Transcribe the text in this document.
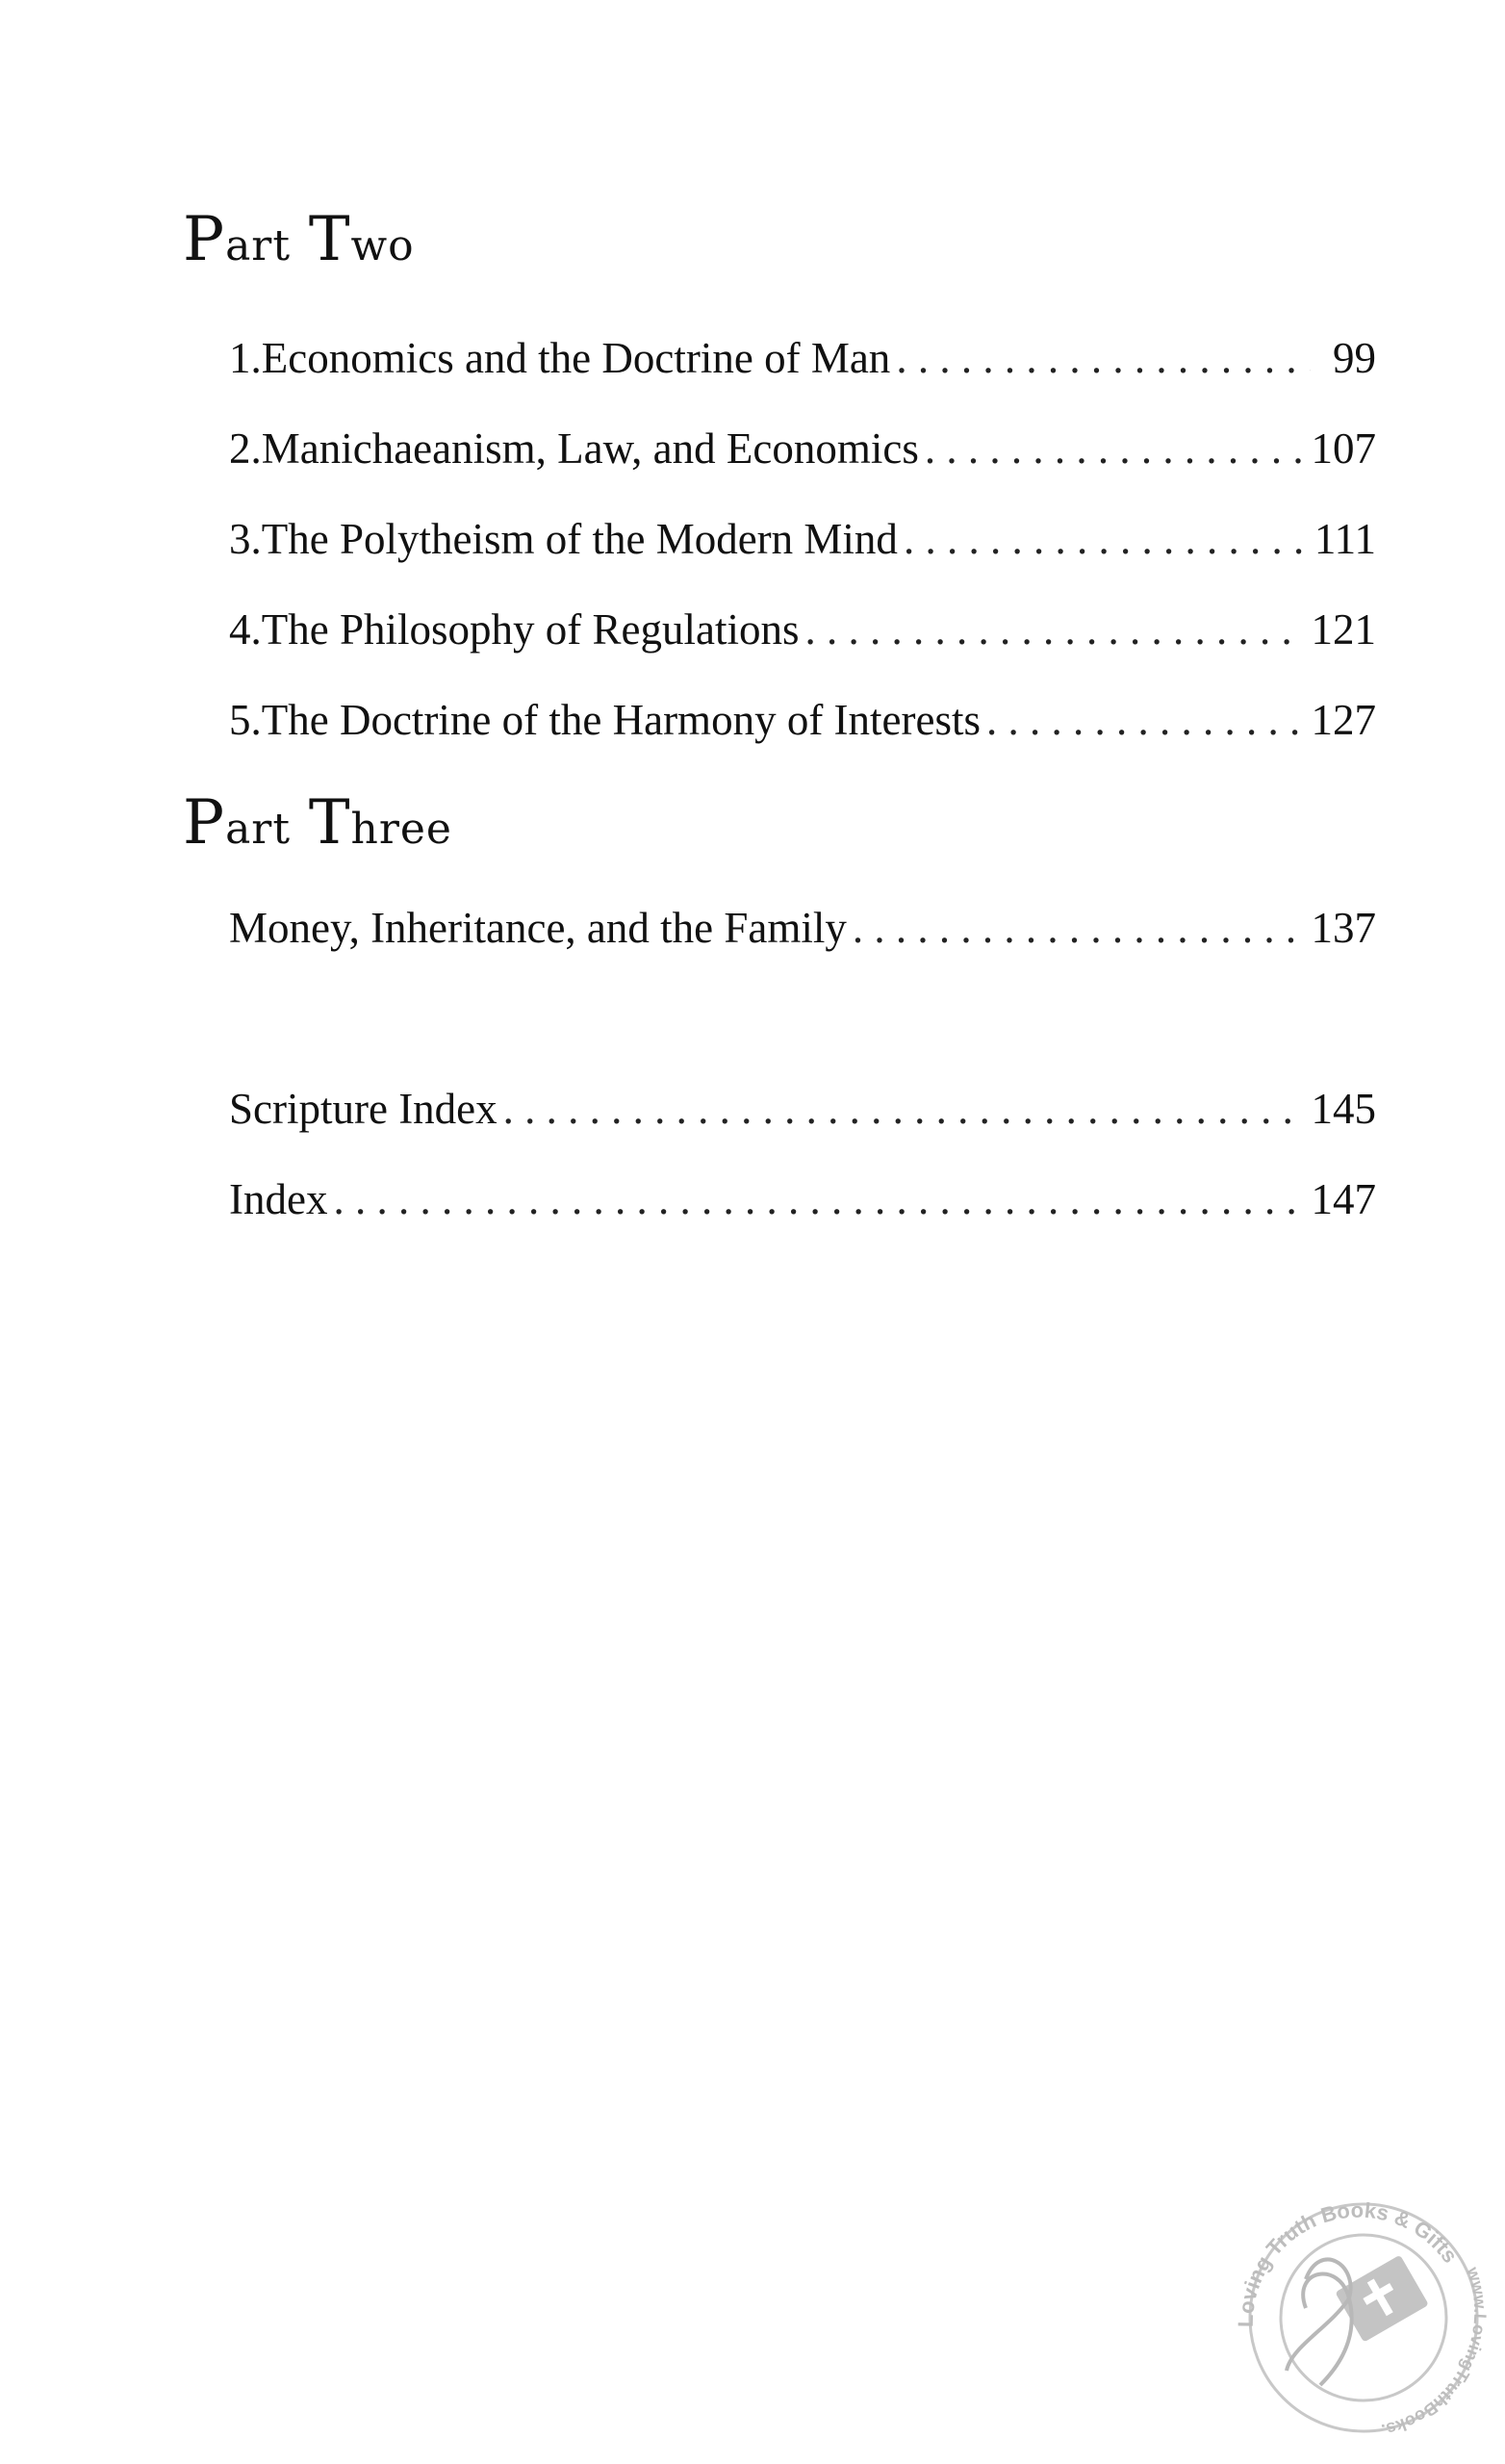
Part Two
1. Economics and the Doctrine of Man . . .	99
2. Manichaeanism, Law, and Economics . . .	107
3. The Polytheism of the Modern Mind . . .	111
4. The Philosophy of Regulations . . .	121
5. The Doctrine of the Harmony of Interests . . .	127
Part Three
Money, Inheritance, and the Family . . .	137
Scripture Index . . .	145
Index . . .	147
Loving Truth Books & Gifts
www.LovingTruthBooks.
